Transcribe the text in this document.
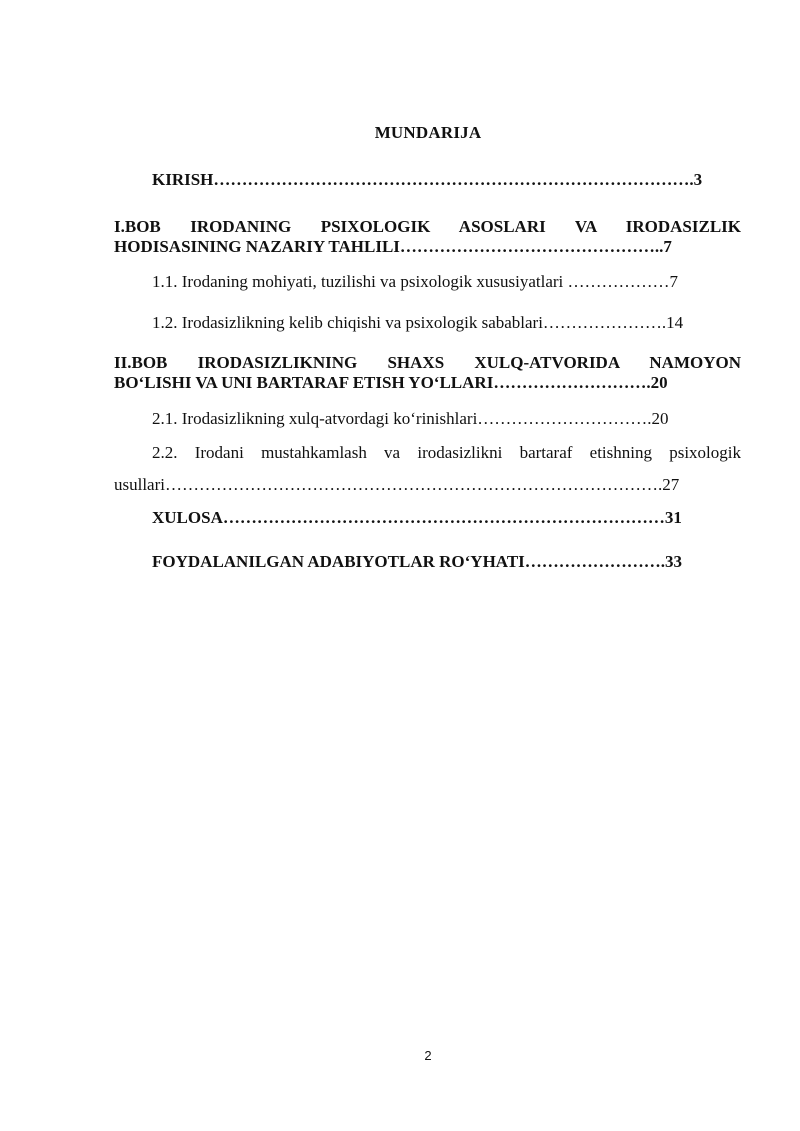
MUNDARIJA
KIRISH………………………………………………………………………….3
I.BOB IRODANING PSIXOLOGIK ASOSLARI VA IRODASIZLIK
HODISASINING NAZARIY TAHLILI………………………………………..7
1.1. Irodaning mohiyati, tuzilishi va psixologik xususiyatlari ………………7
1.2. Irodasizlikning kelib chiqishi va psixologik sabablari………………….14
II.BOB IRODASIZLIKNING SHAXS XULQ-ATVORIDA NAMOYON
BO‘LISHI VA UNI BARTARAF ETISH YO‘LLARI……………………….20
2.1. Irodasizlikning xulq-atvordagi ko‘rinishlari………………………….20
2.2. Irodani mustahkamlash va irodasizlikni bartaraf etishning psixologik
usullari…………………………………………………………………………….27
XULOSA……………………………………………………………………31
FOYDALANILGAN ADABIYOTLAR RO‘YHATI…………………….33
2
